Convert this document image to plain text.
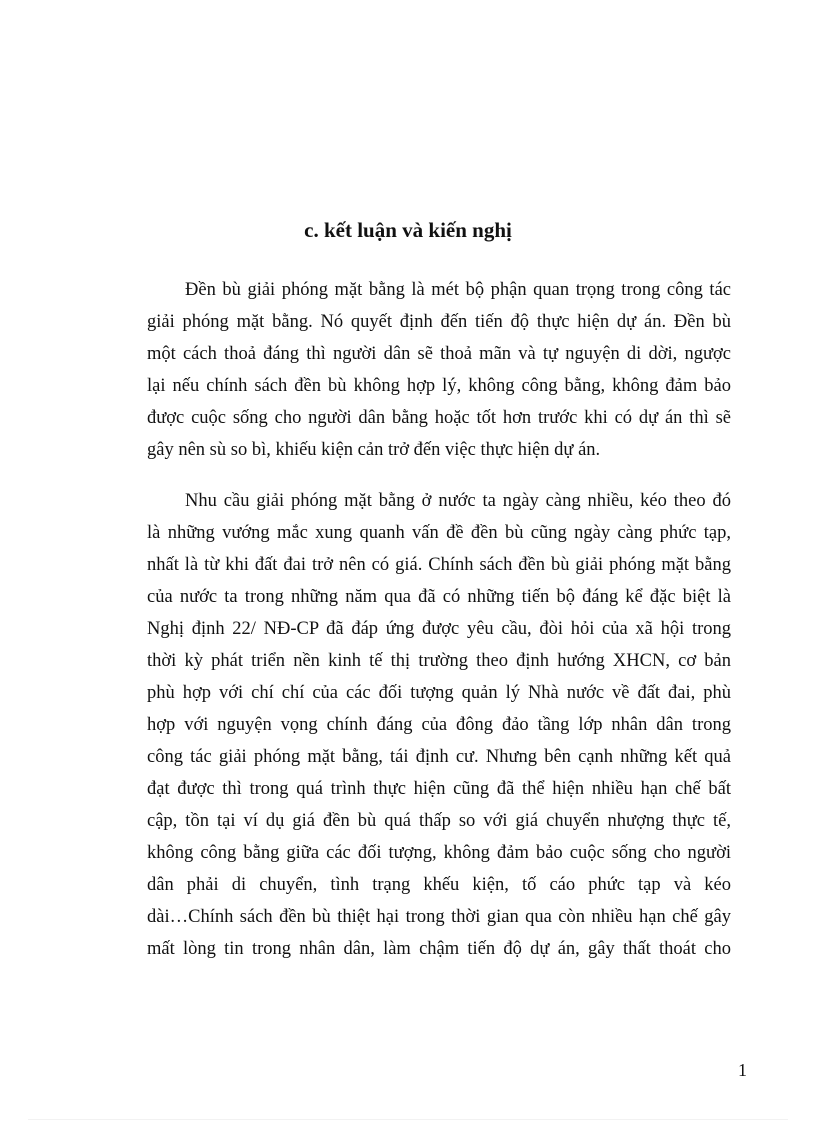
c. kết luận và kiến nghị
Đền bù giải phóng mặt bằng là mét bộ phận quan trọng trong công tác
giải phóng mặt bằng. Nó quyết định đến tiến độ thực hiện dự án. Đền bù
một cách thoả đáng thì người dân sẽ thoả mãn và tự nguyện di dời, ngược
lại nếu chính sách đền bù không hợp lý, không công bằng, không đảm bảo
được cuộc sống cho người dân bằng hoặc tốt hơn trước khi có dự án thì sẽ
gây nên sù so bì, khiếu kiện cản trở đến việc thực hiện dự án.
Nhu cầu giải phóng mặt bằng ở nước ta ngày càng nhiều, kéo theo đó
là những vướng mắc xung quanh vấn đề đền bù cũng ngày càng phức tạp,
nhất là từ khi đất đai trở nên có giá. Chính sách đền bù giải phóng mặt bằng
của nước ta trong những năm qua đã có những tiến bộ đáng kể đặc biệt là
Nghị định 22/ NĐ-CP đã đáp ứng được yêu cầu, đòi hỏi của xã hội trong
thời kỳ phát triển nền kinh tế thị trường theo định hướng XHCN, cơ bản
phù hợp với chí chí của các đối tượng quản lý Nhà nước về đất đai, phù
hợp với nguyện vọng chính đáng của đông đảo tầng lớp nhân dân trong
công tác giải phóng mặt bằng, tái định cư. Nhưng bên cạnh những kết quả
đạt được thì trong quá trình thực hiện cũng đã thể hiện nhiều hạn chế bất
cập, tồn tại ví dụ giá đền bù quá thấp so với giá chuyển nhượng thực tế,
không công bằng giữa các đối tượng, không đảm bảo cuộc sống cho người
dân phải di chuyển, tình trạng khếu kiện, tố cáo phức tạp và kéo
dài…Chính sách đền bù thiệt hại trong thời gian qua còn nhiều hạn chế gây
mất lòng tin trong nhân dân, làm chậm tiến độ dự án, gây thất thoát cho
1
